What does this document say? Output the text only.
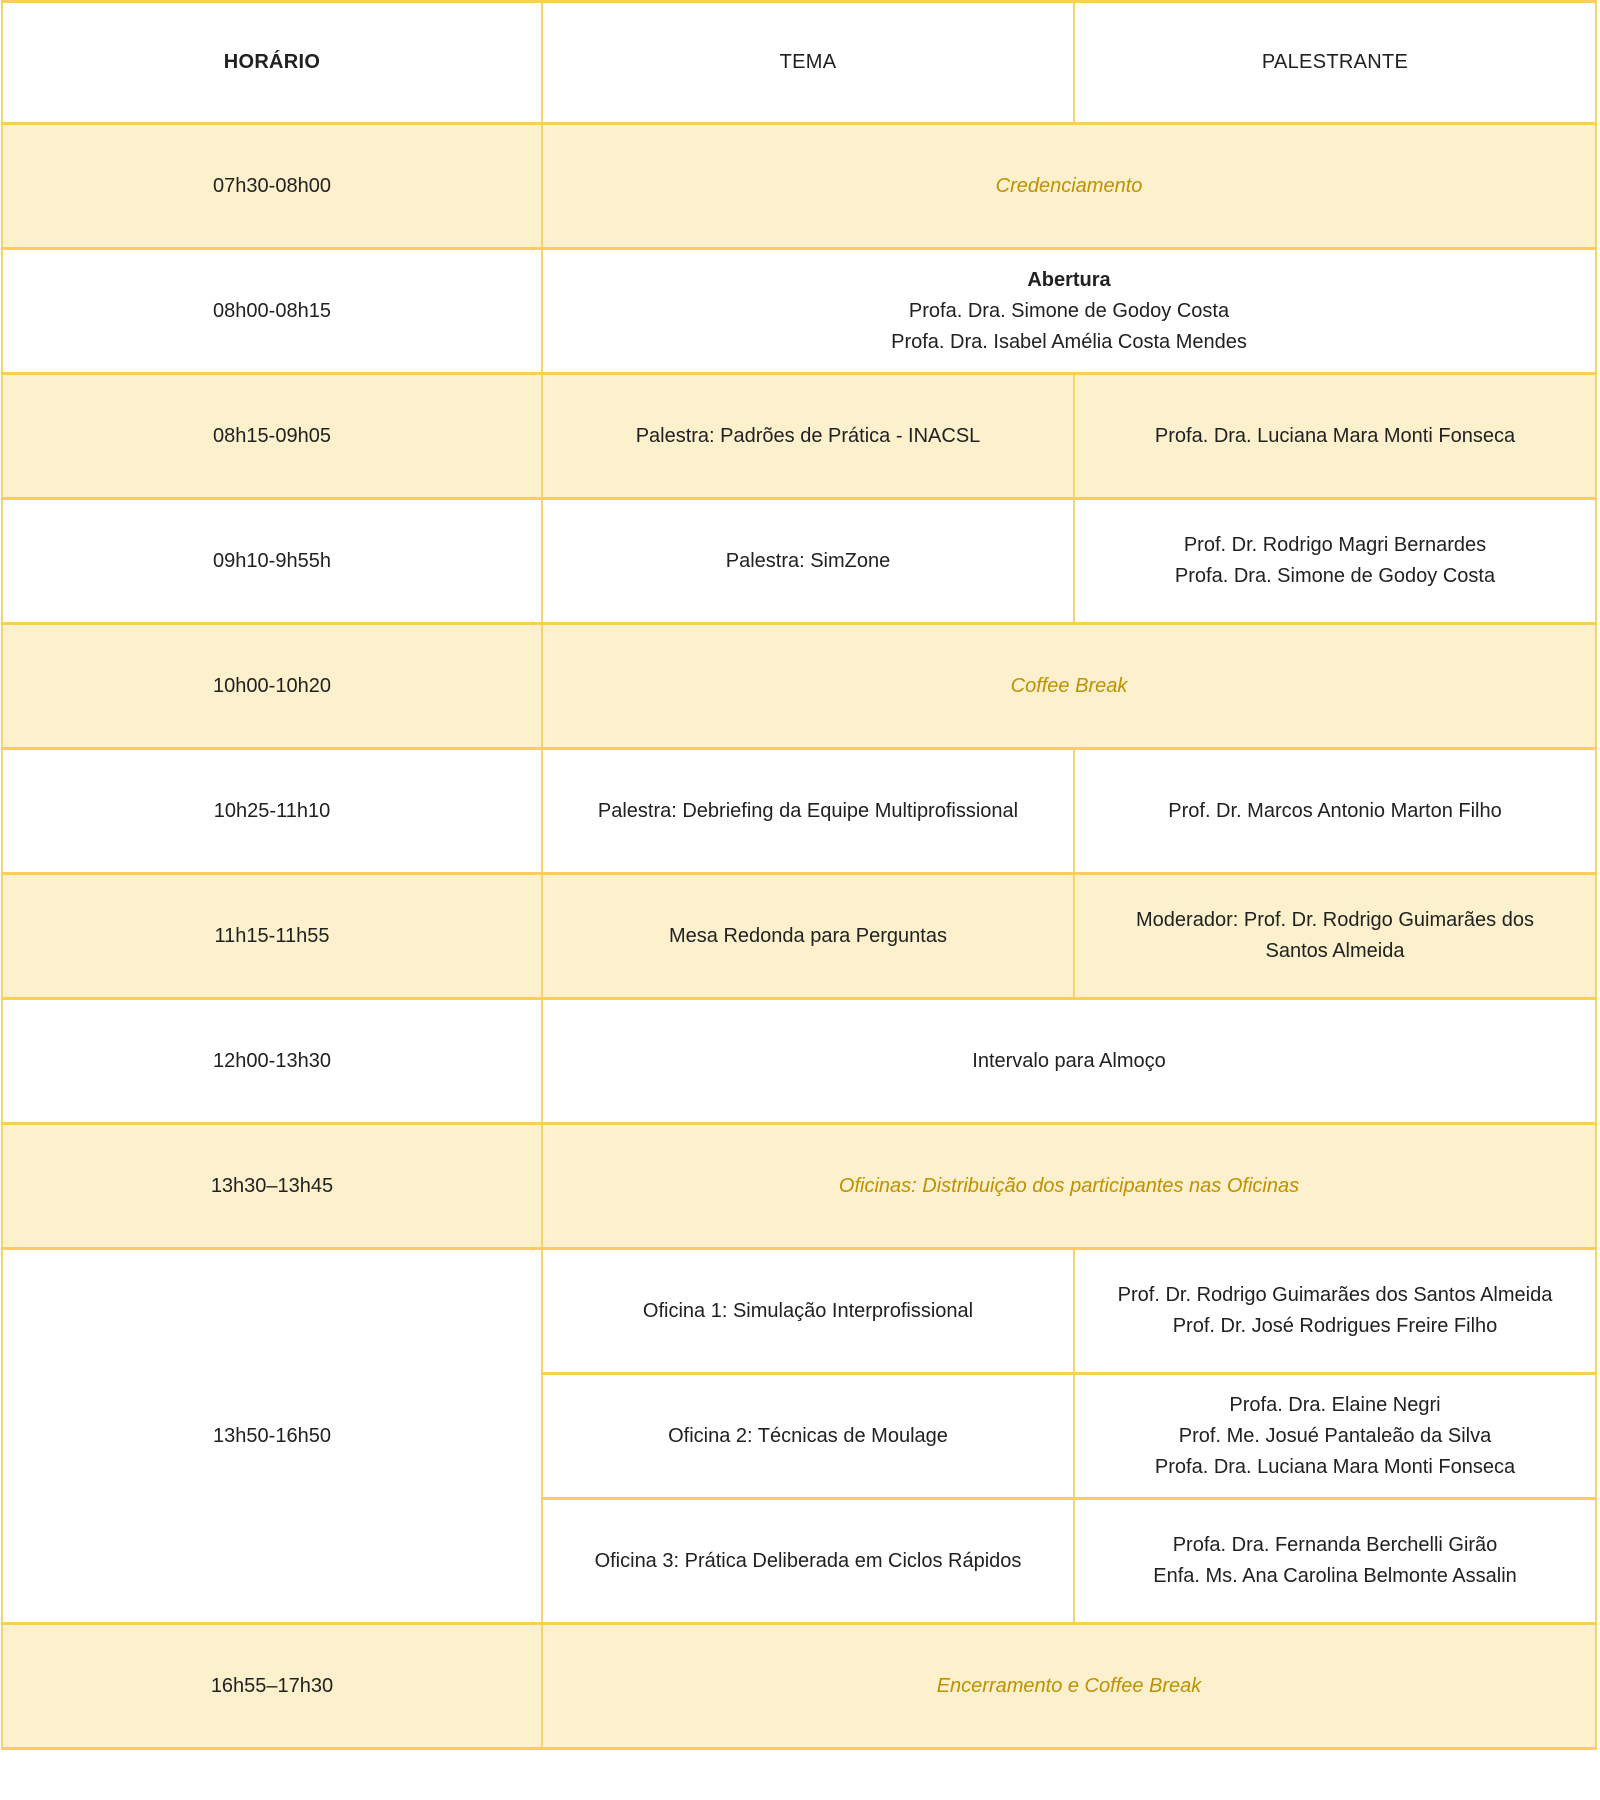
HORÁRIO	TEMA	PALESTRANTE
07h30-08h00	Credenciamento	
08h00-08h15	Abertura
Profa. Dra. Simone de Godoy Costa
Profa. Dra. Isabel Amélia Costa Mendes	

08h15-09h05	Palestra: Padrões de Prática - INACSL	Profa. Dra. Luciana Mara Monti Fonseca
09h10-9h55h	Palestra: SimZone	Prof. Dr. Rodrigo Magri Bernardes
Profa. Dra. Simone de Godoy Costa

10h00-10h20	Coffee Break	
10h25-11h10	Palestra: Debriefing da Equipe Multiprofissional	Prof. Dr. Marcos Antonio Marton Filho
11h15-11h55	Mesa Redonda para Perguntas	Moderador: Prof. Dr. Rodrigo Guimarães dos Santos Almeida
12h00-13h30	Intervalo para Almoço	
13h30–13h45	Oficinas: Distribuição dos participantes nas Oficinas	
13h50-16h50	Oficina 1: Simulação Interprofissional	Prof. Dr. Rodrigo Guimarães dos Santos Almeida
Prof. Dr. José Rodrigues Freire Filho

	Oficina 2: Técnicas de Moulage	Profa. Dra. Elaine Negri
Prof. Me. Josué Pantaleão da Silva
Profa. Dra. Luciana Mara Monti Fonseca

	Oficina 3: Prática Deliberada em Ciclos Rápidos	Profa. Dra. Fernanda Berchelli Girão
Enfa. Ms. Ana Carolina Belmonte Assalin

16h55–17h30	Encerramento e Coffee Break	
